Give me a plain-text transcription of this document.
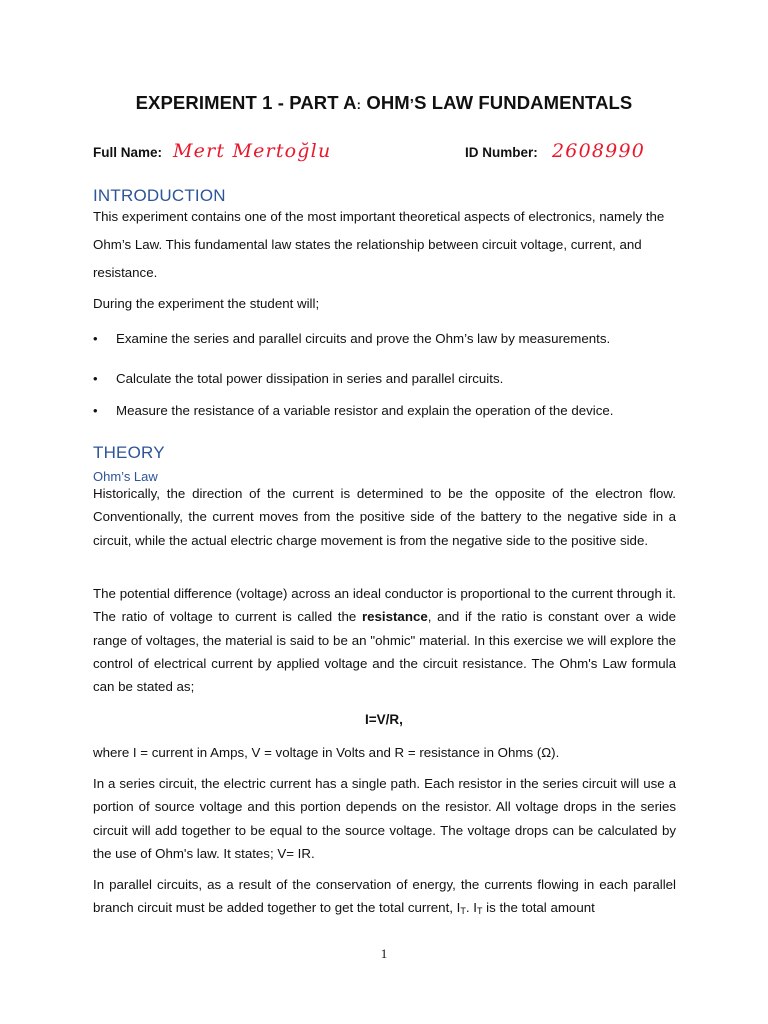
EXPERIMENT 1 - PART A: OHM’S LAW FUNDAMENTALS
Full Name: Mert Mertoğlu	ID Number: 2608990
INTRODUCTION
This experiment contains one of the most important theoretical aspects of electronics, namely the Ohm’s Law. This fundamental law states the relationship between circuit voltage, current, and resistance.
During the experiment the student will;
• Examine the series and parallel circuits and prove the Ohm’s law by measurements.
• Calculate the total power dissipation in series and parallel circuits.
• Measure the resistance of a variable resistor and explain the operation of the device.
THEORY
Ohm’s Law
Historically, the direction of the current is determined to be the opposite of the electron flow. Conventionally, the current moves from the positive side of the battery to the negative side in a circuit, while the actual electric charge movement is from the negative side to the positive side.
The potential difference (voltage) across an ideal conductor is proportional to the current through it. The ratio of voltage to current is called the resistance, and if the ratio is constant over a wide range of voltages, the material is said to be an "ohmic" material. In this exercise we will explore the control of electrical current by applied voltage and the circuit resistance. The Ohm's Law formula can be stated as;
I=V/R,
where I = current in Amps, V = voltage in Volts and R = resistance in Ohms (Ω).
In a series circuit, the electric current has a single path. Each resistor in the series circuit will use a portion of source voltage and this portion depends on the resistor. All voltage drops in the series circuit will add together to be equal to the source voltage. The voltage drops can be calculated by the use of Ohm's law. It states; V= IR.
In parallel circuits, as a result of the conservation of energy, the currents flowing in each parallel branch circuit must be added together to get the total current, $I_T$. $I_T$ is the total amount
1
